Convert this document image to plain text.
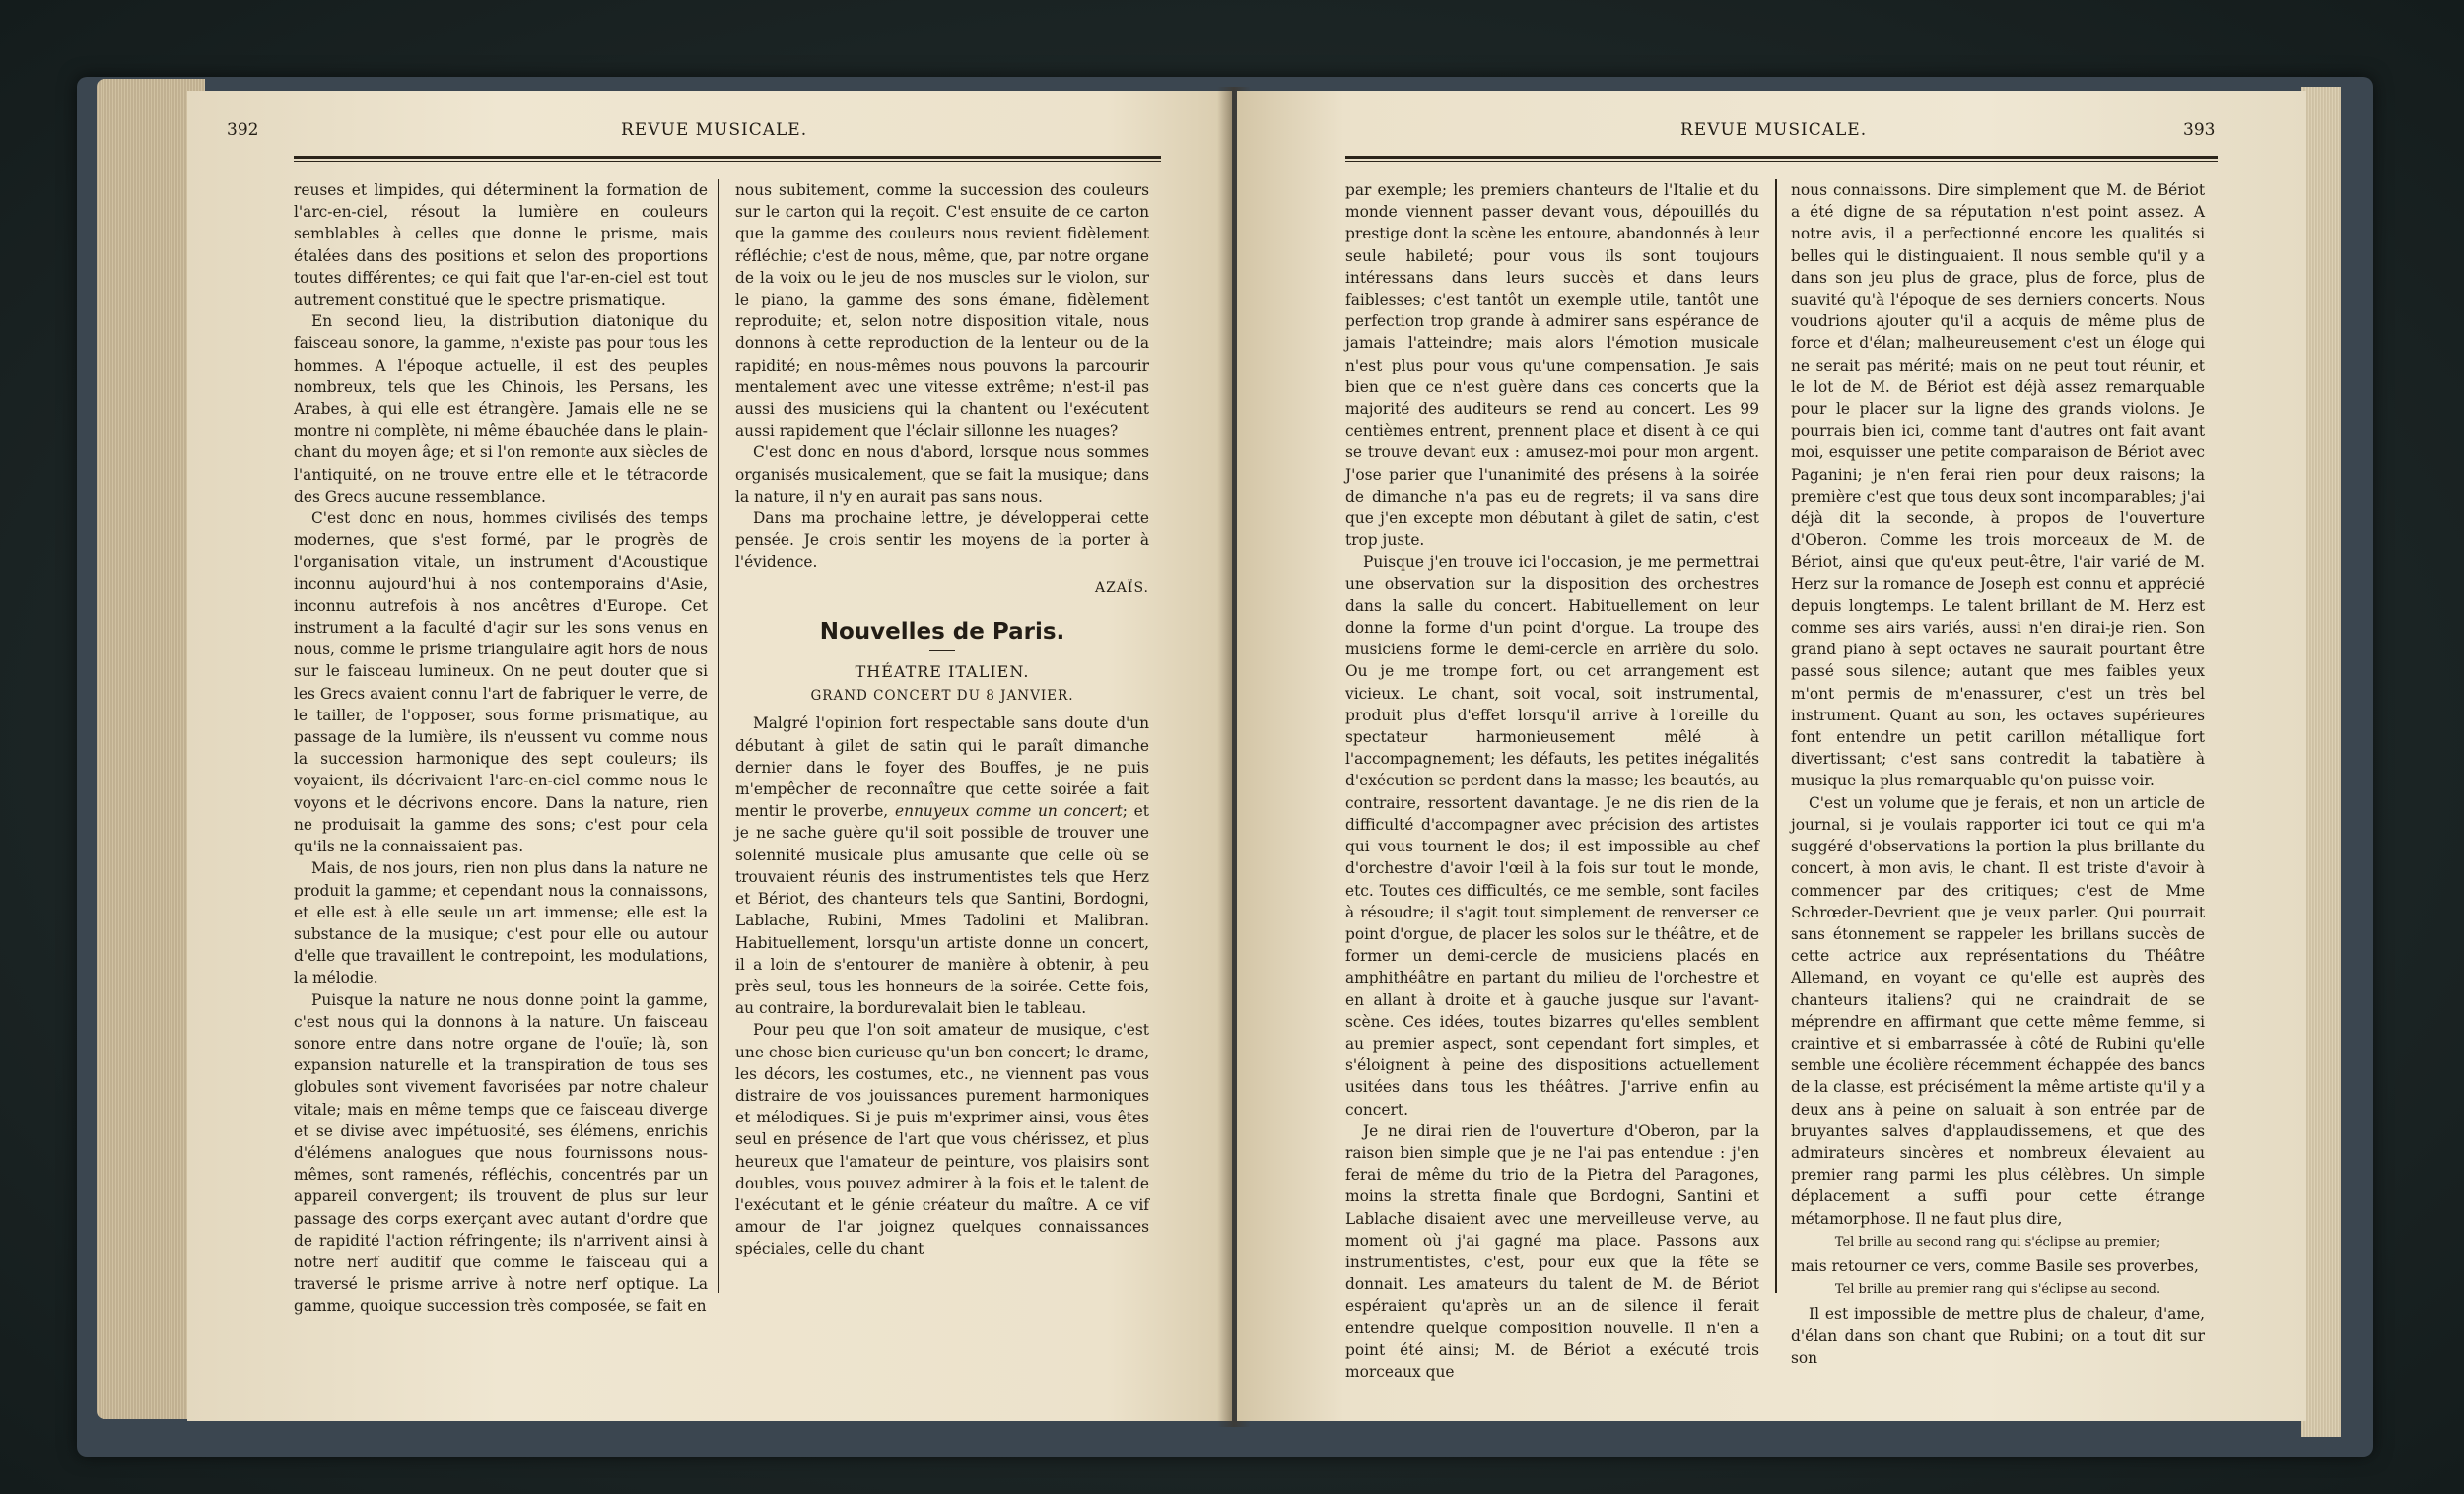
392	REVUE MUSICALE.

reuses et limpides, qui déterminent la formation de l'arc-en-ciel, résout la lumière en couleurs semblables à celles que donne le prisme, mais étalées dans des positions et selon des proportions toutes différentes; ce qui fait que l'ar-en-ciel est tout autrement constitué que le spectre prismatique.

En second lieu, la distribution diatonique du faisceau sonore, la gamme, n'existe pas pour tous les hommes. A l'époque actuelle, il est des peuples nombreux, tels que les Chinois, les Persans, les Arabes, à qui elle est étrangère. Jamais elle ne se montre ni complète, ni même ébauchée dans le plain-chant du moyen âge; et si l'on remonte aux siècles de l'antiquité, on ne trouve entre elle et le tétracorde des Grecs aucune ressemblance.

C'est donc en nous, hommes civilisés des temps modernes, que s'est formé, par le progrès de l'organisation vitale, un instrument d'Acoustique inconnu aujourd'hui à nos contemporains d'Asie, inconnu autrefois à nos ancêtres d'Europe. Cet instrument a la faculté d'agir sur les sons venus en nous, comme le prisme triangulaire agit hors de nous sur le faisceau lumineux. On ne peut douter que si les Grecs avaient connu l'art de fabriquer le verre, de le tailler, de l'opposer, sous forme prismatique, au passage de la lumière, ils n'eussent vu comme nous la succession harmonique des sept couleurs; ils voyaient, ils décrivaient l'arc-en-ciel comme nous le voyons et le décrivons encore. Dans la nature, rien ne produisait la gamme des sons; c'est pour cela qu'ils ne la connaissaient pas.

Mais, de nos jours, rien non plus dans la nature ne produit la gamme; et cependant nous la connaissons, et elle est à elle seule un art immense; elle est la substance de la musique; c'est pour elle ou autour d'elle que travaillent le contrepoint, les modulations, la mélodie.

Puisque la nature ne nous donne point la gamme, c'est nous qui la donnons à la nature. Un faisceau sonore entre dans notre organe de l'ouïe; là, son expansion naturelle et la transpiration de tous ses globules sont vivement favorisées par notre chaleur vitale; mais en même temps que ce faisceau diverge et se divise avec impétuosité, ses élémens, enrichis d'élémens analogues que nous fournissons nous-mêmes, sont ramenés, réfléchis, concentrés par un appareil convergent; ils trouvent de plus sur leur passage des corps exerçant avec autant d'ordre que de rapidité l'action réfringente; ils n'arrivent ainsi à notre nerf auditif que comme le faisceau qui a traversé le prisme arrive à notre nerf optique. La gamme, quoique succession très composée, se fait en

nous subitement, comme la succession des couleurs sur le carton qui la reçoit. C'est ensuite de ce carton que la gamme des couleurs nous revient fidèlement réfléchie; c'est de nous, même, que, par notre organe de la voix ou le jeu de nos muscles sur le violon, sur le piano, la gamme des sons émane, fidèlement reproduite; et, selon notre disposition vitale, nous donnons à cette reproduction de la lenteur ou de la rapidité; en nous-mêmes nous pouvons la parcourir mentalement avec une vitesse extrême; n'est-il pas aussi des musiciens qui la chantent ou l'exécutent aussi rapidement que l'éclair sillonne les nuages?

C'est donc en nous d'abord, lorsque nous sommes organisés musicalement, que se fait la musique; dans la nature, il n'y en aurait pas sans nous.

Dans ma prochaine lettre, je développerai cette pensée. Je crois sentir les moyens de la porter à l'évidence.

AZAÏS.
Nouvelles de Paris.
THÉATRE ITALIEN.
GRAND CONCERT DU 8 JANVIER.

Malgré l'opinion fort respectable sans doute d'un débutant à gilet de satin qui le paraît dimanche dernier dans le foyer des Bouffes, je ne puis m'empêcher de reconnaître que cette soirée a fait mentir le proverbe, ennuyeux comme un concert; et je ne sache guère qu'il soit possible de trouver une solennité musicale plus amusante que celle où se trouvaient réunis des instrumentistes tels que Herz et Bériot, des chanteurs tels que Santini, Bordogni, Lablache, Rubini, Mmes Tadolini et Malibran. Habituellement, lorsqu'un artiste donne un concert, il a loin de s'entourer de manière à obtenir, à peu près seul, tous les honneurs de la soirée. Cette fois, au contraire, la bordurevalait bien le tableau.

Pour peu que l'on soit amateur de musique, c'est une chose bien curieuse qu'un bon concert; le drame, les décors, les costumes, etc., ne viennent pas vous distraire de vos jouissances purement harmoniques et mélodiques. Si je puis m'exprimer ainsi, vous êtes seul en présence de l'art que vous chérissez, et plus heureux que l'amateur de peinture, vos plaisirs sont doubles, vous pouvez admirer à la fois et le talent de l'exécutant et le génie créateur du maître. A ce vif amour de l'ar joignez quelques connaissances spéciales, celle du chant

REVUE MUSICALE.	393

par exemple; les premiers chanteurs de l'Italie et du monde viennent passer devant vous, dépouillés du prestige dont la scène les entoure, abandonnés à leur seule habileté; pour vous ils sont toujours intéressans dans leurs succès et dans leurs faiblesses; c'est tantôt un exemple utile, tantôt une perfection trop grande à admirer sans espérance de jamais l'atteindre; mais alors l'émotion musicale n'est plus pour vous qu'une compensation. Je sais bien que ce n'est guère dans ces concerts que la majorité des auditeurs se rend au concert. Les 99 centièmes entrent, prennent place et disent à ce qui se trouve devant eux : amusez-moi pour mon argent. J'ose parier que l'unanimité des présens à la soirée de dimanche n'a pas eu de regrets; il va sans dire que j'en excepte mon débutant à gilet de satin, c'est trop juste.

Puisque j'en trouve ici l'occasion, je me permettrai une observation sur la disposition des orchestres dans la salle du concert. Habituellement on leur donne la forme d'un point d'orgue. La troupe des musiciens forme le demi-cercle en arrière du solo. Ou je me trompe fort, ou cet arrangement est vicieux. Le chant, soit vocal, soit instrumental, produit plus d'effet lorsqu'il arrive à l'oreille du spectateur harmonieusement mêlé à l'accompagnement; les défauts, les petites inégalités d'exécution se perdent dans la masse; les beautés, au contraire, ressortent davantage. Je ne dis rien de la difficulté d'accompagner avec précision des artistes qui vous tournent le dos; il est impossible au chef d'orchestre d'avoir l'œil à la fois sur tout le monde, etc. Toutes ces difficultés, ce me semble, sont faciles à résoudre; il s'agit tout simplement de renverser ce point d'orgue, de placer les solos sur le théâtre, et de former un demi-cercle de musiciens placés en amphithéâtre en partant du milieu de l'orchestre et en allant à droite et à gauche jusque sur l'avant-scène. Ces idées, toutes bizarres qu'elles semblent au premier aspect, sont cependant fort simples, et s'éloignent à peine des dispositions actuellement usitées dans tous les théâtres. J'arrive enfin au concert.

Je ne dirai rien de l'ouverture d'Oberon, par la raison bien simple que je ne l'ai pas entendue : j'en ferai de même du trio de la Pietra del Paragones, moins la stretta finale que Bordogni, Santini et Lablache disaient avec une merveilleuse verve, au moment où j'ai gagné ma place. Passons aux instrumentistes, c'est, pour eux que la fête se donnait. Les amateurs du talent de M. de Bériot espéraient qu'après un an de silence il ferait entendre quelque composition nouvelle. Il n'en a point été ainsi; M. de Bériot a exécuté trois morceaux que

nous connaissons. Dire simplement que M. de Bériot a été digne de sa réputation n'est point assez. A notre avis, il a perfectionné encore les qualités si belles qui le distinguaient. Il nous semble qu'il y a dans son jeu plus de grace, plus de force, plus de suavité qu'à l'époque de ses derniers concerts. Nous voudrions ajouter qu'il a acquis de même plus de force et d'élan; malheureusement c'est un éloge qui ne serait pas mérité; mais on ne peut tout réunir, et le lot de M. de Bériot est déjà assez remarquable pour le placer sur la ligne des grands violons. Je pourrais bien ici, comme tant d'autres ont fait avant moi, esquisser une petite comparaison de Bériot avec Paganini; je n'en ferai rien pour deux raisons; la première c'est que tous deux sont incomparables; j'ai déjà dit la seconde, à propos de l'ouverture d'Oberon. Comme les trois morceaux de M. de Bériot, ainsi que qu'eux peut-être, l'air varié de M. Herz sur la romance de Joseph est connu et apprécié depuis longtemps. Le talent brillant de M. Herz est comme ses airs variés, aussi n'en dirai-je rien. Son grand piano à sept octaves ne saurait pourtant être passé sous silence; autant que mes faibles yeux m'ont permis de m'enassurer, c'est un très bel instrument. Quant au son, les octaves supérieures font entendre un petit carillon métallique fort divertissant; c'est sans contredit la tabatière à musique la plus remarquable qu'on puisse voir.

C'est un volume que je ferais, et non un article de journal, si je voulais rapporter ici tout ce qui m'a suggéré d'observations la portion la plus brillante du concert, à mon avis, le chant. Il est triste d'avoir à commencer par des critiques; c'est de Mme Schrœder-Devrient que je veux parler. Qui pourrait sans étonnement se rappeler les brillans succès de cette actrice aux représentations du Théâtre Allemand, en voyant ce qu'elle est auprès des chanteurs italiens? qui ne craindrait de se méprendre en affirmant que cette même femme, si craintive et si embarrassée à côté de Rubini qu'elle semble une écolière récemment échappée des bancs de la classe, est précisément la même artiste qu'il y a deux ans à peine on saluait à son entrée par de bruyantes salves d'applaudissemens, et que des admirateurs sincères et nombreux élevaient au premier rang parmi les plus célèbres. Un simple déplacement a suffi pour cette étrange métamorphose. Il ne faut plus dire,

Tel brille au second rang qui s'éclipse au premier;

mais retourner ce vers, comme Basile ses proverbes,

Tel brille au premier rang qui s'éclipse au second.

Il est impossible de mettre plus de chaleur, d'ame, d'élan dans son chant que Rubini; on a tout dit sur son
